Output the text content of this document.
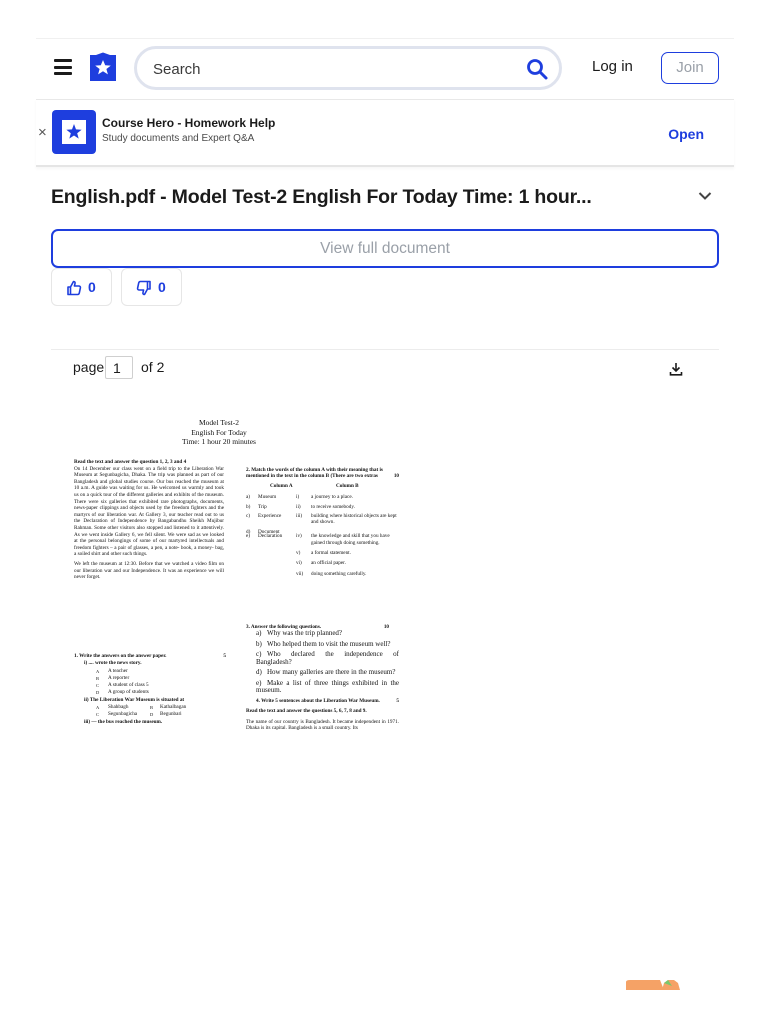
Search
Log in	Join
×
Course Hero - Homework Help
Study documents and Expert Q&A	Open
English.pdf - Model Test-2 English For Today Time: 1 hour...
View full document
0	0
page
1	of 2
Model Test-2
English For Today
Time: 1 hour 20 minutes
Read the text and answer the question 1, 2, 3 and 4
On 14 December our class went on a field trip to the Liberation War Museum at Segunbagicha, Dhaka. The trip was planned as part of our Bangladesh and global studies course. Our bus reached the museum at 10 a.m. A guide was waiting for us. He welcomed us warmly and took us on a quick tour of the different galleries and exhibits of the museum. There were six galleries that exhibited rare photographs, documents, news-paper clippings and objects used by the freedom fighters and the martyrs of our liberation war. At Gallery 3, our teacher read out to us the Declaration of Independence by Bangabandhu Sheikh Mujibur Rahman. Some other visitors also stopped and listened to it attentively. As we went inside Gallery 6, we fell silent. We were sad as we looked at the personal belongings of some of our martyred intellectuals and freedom fighters – a pair of glasses, a pen, a note- book, a money- bag, a soiled shirt and other such things.
We left the museum at 12:30. Before that we watched a video film on our liberation war and our Independence. It was an experience we will never forget.
1. Write the answers on the answer paper.	5
i) .... wrote the news story.
A	A teacher
B	A reporter
C	A student of class 5
D	A group of students
ii) The Liberation War Museum is situated at
A	Shahbagh	B	Kathalbagan
C	Segunbagicha	D	Begunbari
iii) — the bus reached the museum.
2. Match the words of the column A with their meaning that is mentioned in the text in the column B (There are two extras	10
Column A	Column B
a)	Museum	i)	a journey to a place.
b)	Trip	ii)	to receive somebody.
c)	Experience	iii)	building where historical objects are kept and shown.
d)	Document
e)	Declaration	iv)	the knowledge and skill that you have gained through doing something.
v)	a formal statement.
vi)	an official paper.
vii)	doing something carefully.
3. Answer the following questions.	10
a) Why was the trip planned?
b) Who helped them to visit the museum well?
c) Who declared the independence of Bangladesh?
d) How many galleries are there in the museum?
e) Make a list of three things exhibited in the museum.
4. Write 5 sentences about the Liberation War Museum.	5
Read the text and answer the questions 5, 6, 7, 8 and 9.
The name of our country is Bangladesh. It became independent in 1971. Dhaka is its capital. Bangladesh is a small country. Its
